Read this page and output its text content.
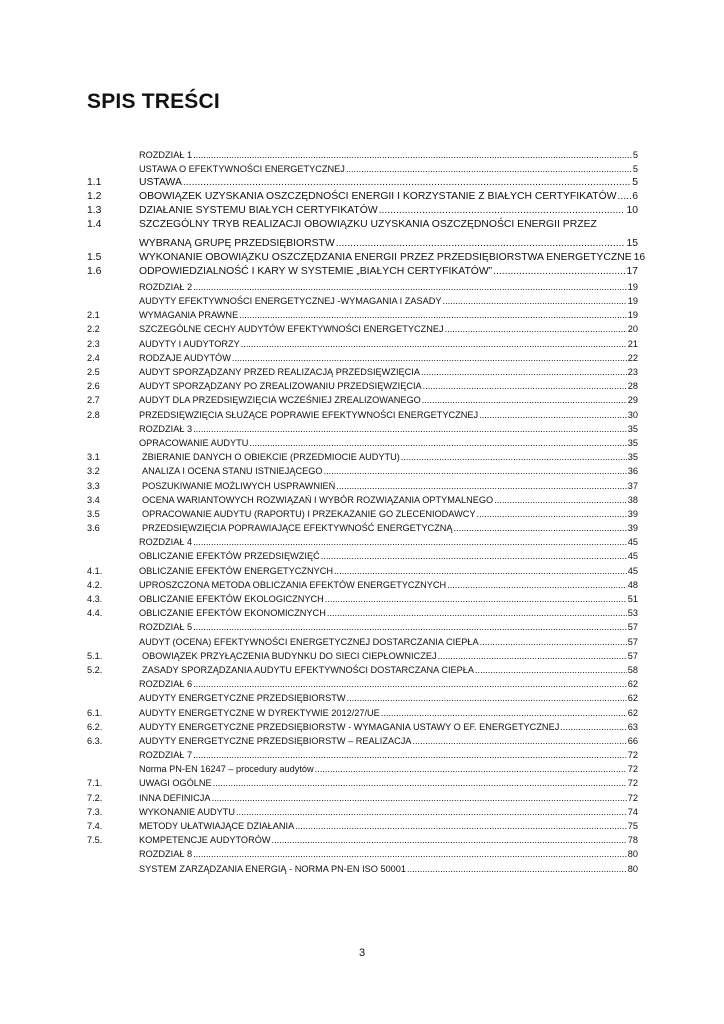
SPIS TREŚCI
ROZDZIAŁ 1 .....	5
USTAWA O EFEKTYWNOŚCI ENERGETYCZNEJ .....	5
1.1	USTAWA .....	5
1.2	OBOWIĄZEK UZYSKANIA OSZCZĘDNOŚCI ENERGII I KORZYSTANIE Z BIAŁYCH CERTYFIKATÓW ..... 6
1.3	DZIAŁANIE SYSTEMU BIAŁYCH CERTYFIKATÓW .....	10
1.4	SZCZEGÓLNY TRYB REALIZACJI OBOWIĄZKU UZYSKANIA OSZCZĘDNOŚCI ENERGII PRZEZ
WYBRANĄ GRUPĘ PRZEDSIĘBIORSTW .....	15
1.5	WYKONANIE OBOWIĄZKU OSZCZĘDZANIA ENERGII PRZEZ PRZEDSIĘBIORSTWA ENERGETYCZNE 16
1.6	ODPOWIEDZIALNOŚĆ I KARY W SYSTEMIE „BIAŁYCH CERTYFIKATÓW” .....	17
ROZDZIAŁ 2 .....	19
AUDYTY EFEKTYWNOŚCI ENERGETYCZNEJ -WYMAGANIA I ZASADY .....	19
2.1	WYMAGANIA PRAWNE .....	19
2.2	SZCZEGÓLNE CECHY AUDYTÓW EFEKTYWNOŚCI ENERGETYCZNEJ .....	20
2.3	AUDYTY I AUDYTORZY .....	21
2.4	RODZAJE AUDYTÓW .....	22
2.5	AUDYT SPORZĄDZANY PRZED REALIZACJĄ PRZEDSIĘWZIĘCIA .....	23
2.6	AUDYT SPORZĄDZANY PO ZREALIZOWANIU PRZEDSIĘWZIĘCIA .....	28
2.7	AUDYT DLA PRZEDSIĘWZIĘCIA WCZEŚNIEJ ZREALIZOWANEGO .....	29
2.8	PRZEDSIĘWZIĘCIA SŁUŻĄCE POPRAWIE EFEKTYWNOŚCI ENERGETYCZNEJ .....	30
ROZDZIAŁ 3 .....	35
OPRACOWANIE AUDYTU .....	35
3.1	ZBIERANIE DANYCH O OBIEKCIE (PRZEDMIOCIE AUDYTU) .....	35
3.2	ANALIZA I OCENA STANU ISTNIEJĄCEGO .....	36
3.3	POSZUKIWANIE MOŻLIWYCH USPRAWNIEŃ .....	37
3.4	OCENA WARIANTOWYCH ROZWIĄZAŃ I WYBÓR ROZWIĄZANIA OPTYMALNEGO .....	38
3.5	OPRACOWANIE AUDYTU (RAPORTU) I PRZEKAZANIE GO ZLECENIODAWCY .....	39
3.6	PRZEDSIĘWZIĘCIA POPRAWIAJĄCE EFEKTYWNOŚĆ ENERGETYCZNĄ .....	39
ROZDZIAŁ 4 .....	45
OBLICZANIE EFEKTÓW PRZEDSIĘWZIĘĆ .....	45
4.1.	OBLICZANIE EFEKTÓW ENERGETYCZNYCH .....	45
4.2.	UPROSZCZONA METODA OBLICZANIA EFEKTÓW ENERGETYCZNYCH .....	48
4.3.	OBLICZANIE EFEKTÓW EKOLOGICZNYCH .....	51
4.4.	OBLICZANIE EFEKTÓW EKONOMICZNYCH .....	53
ROZDZIAŁ 5 .....	57
AUDYT (OCENA) EFEKTYWNOŚCI ENERGETYCZNEJ DOSTARCZANIA CIEPŁA .....	57
5.1.	OBOWIĄZEK PRZYŁĄCZENIA BUDYNKU DO SIECI CIEPŁOWNICZEJ .....	57
5.2.	ZASADY SPORZĄDZANIA AUDYTU EFEKTYWNOŚCI DOSTARCZANA CIEPŁA .....	58
ROZDZIAŁ 6 .....	62
AUDYTY ENERGETYCZNE PRZEDSIĘBIORSTW .....	62
6.1.	AUDYTY ENERGETYCZNE W DYREKTYWIE 2012/27/UE .....	62
6.2.	AUDYTY ENERGETYCZNE PRZEDSIĘBIORSTW - WYMAGANIA USTAWY O EF. ENERGETYCZNEJ .....	63
6.3.	AUDYTY ENERGETYCZNE PRZEDSIĘBIORSTW – REALIZACJA .....	66
ROZDZIAŁ 7 .....	72
Norma PN-EN 16247 – procedury audytów .....	72
7.1.	UWAGI OGÓLNE .....	72
7.2.	INNA DEFINICJA .....	72
7.3.	WYKONANIE AUDYTU .....	74
7.4.	METODY UŁATWIAJĄCE DZIAŁANIA .....	75
7.5.	KOMPETENCJE AUDYTORÓW .....	78
ROZDZIAŁ 8 .....	80
SYSTEM ZARZĄDZANIA ENERGIĄ - NORMA PN-EN ISO 50001 .....	80
3
